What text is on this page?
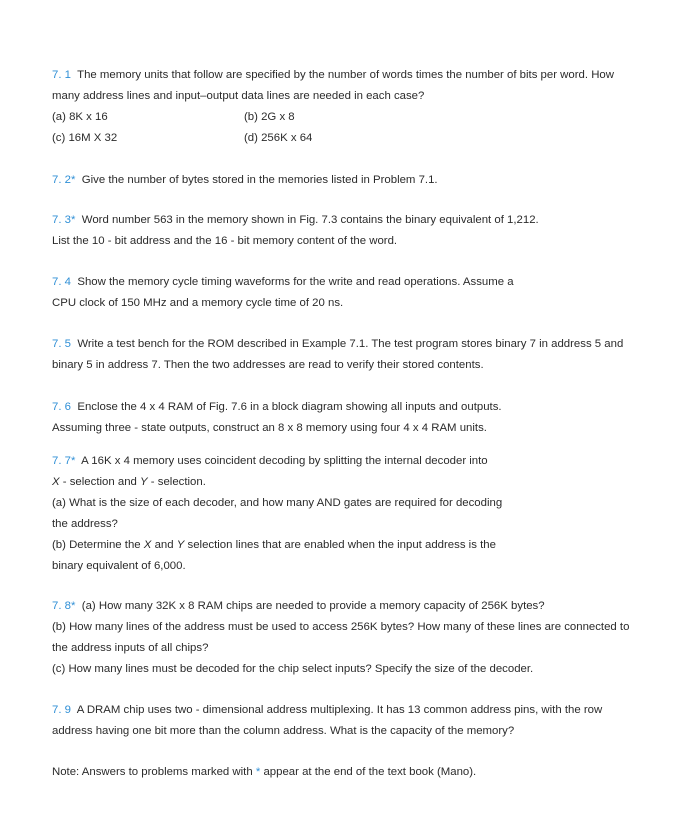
7. 1 The memory units that follow are specified by the number of words times the number of bits per word. How
many address lines and input–output data lines are needed in each case?
(a) 8K x 16	(b) 2G x 8
(c) 16M X 32	(d) 256K x 64
7. 2* Give the number of bytes stored in the memories listed in Problem 7.1.
7. 3* Word number 563 in the memory shown in Fig. 7.3 contains the binary equivalent of 1,212.
List the 10 - bit address and the 16 - bit memory content of the word.
7. 4 Show the memory cycle timing waveforms for the write and read operations. Assume a
CPU clock of 150 MHz and a memory cycle time of 20 ns.
7. 5 Write a test bench for the ROM described in Example 7.1. The test program stores binary 7 in address 5 and
binary 5 in address 7. Then the two addresses are read to verify their stored contents.
7. 6 Enclose the 4 x 4 RAM of Fig. 7.6 in a block diagram showing all inputs and outputs.
Assuming three - state outputs, construct an 8 x 8 memory using four 4 x 4 RAM units.
7. 7* A 16K x 4 memory uses coincident decoding by splitting the internal decoder into
X - selection and Y - selection.
(a) What is the size of each decoder, and how many AND gates are required for decoding
the address?
(b) Determine the X and Y selection lines that are enabled when the input address is the
binary equivalent of 6,000.
7. 8* (a) How many 32K x 8 RAM chips are needed to provide a memory capacity of 256K bytes?
(b) How many lines of the address must be used to access 256K bytes? How many of these lines are connected to
the address inputs of all chips?
(c) How many lines must be decoded for the chip select inputs? Specify the size of the decoder.
7. 9 A DRAM chip uses two - dimensional address multiplexing. It has 13 common address pins, with the row
address having one bit more than the column address. What is the capacity of the memory?
Note: Answers to problems marked with * appear at the end of the text book (Mano).
